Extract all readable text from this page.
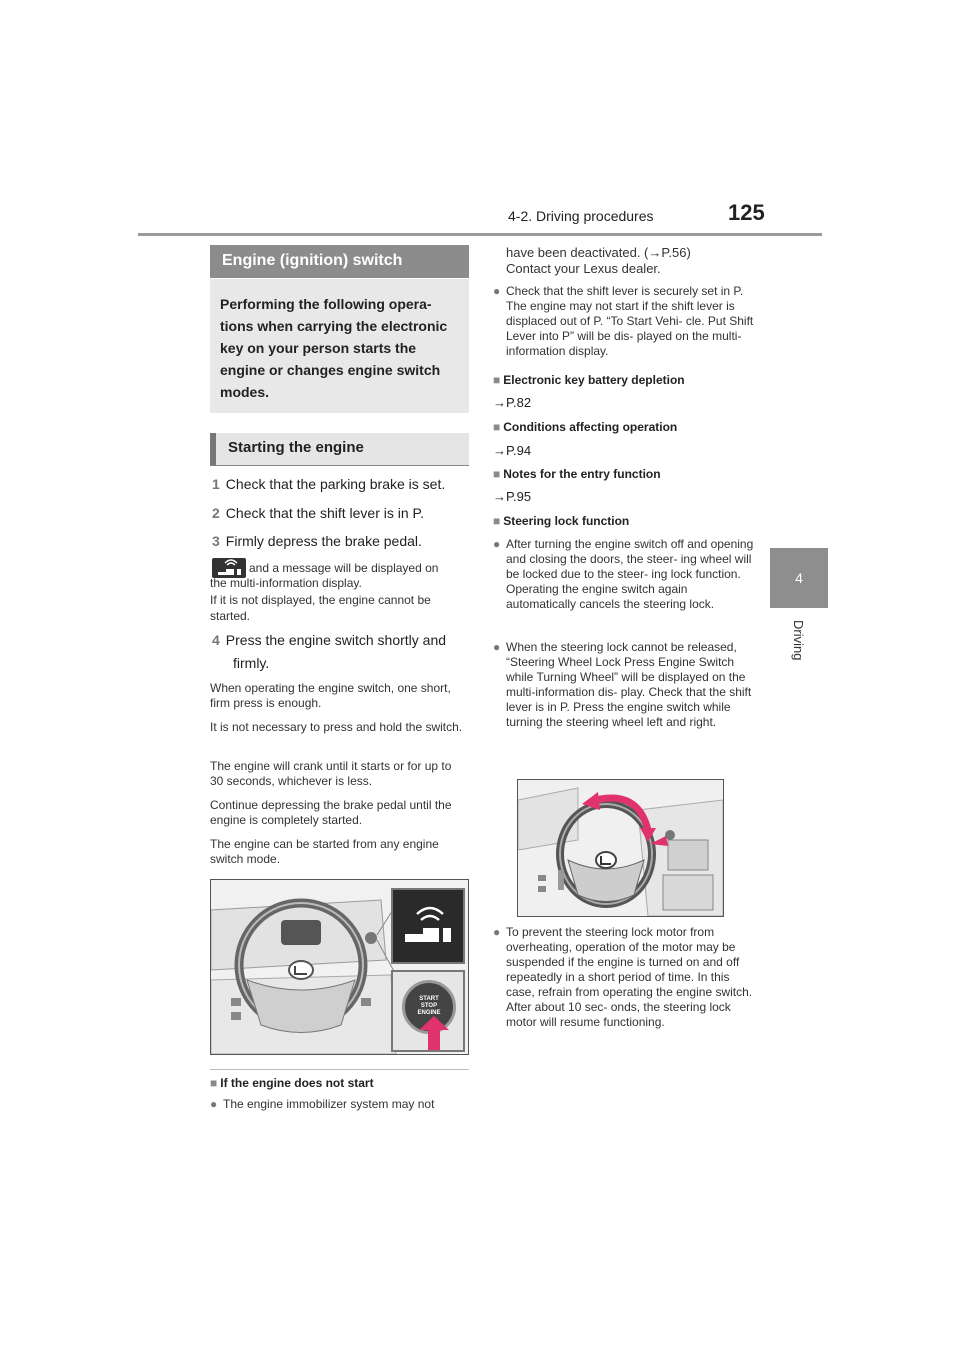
4-2. Driving procedures	125
4
Driving
Engine (ignition) switch
Performing the following opera- tions when carrying the electronic key on your person starts the engine or changes engine switch modes.
Starting the engine
1 Check that the parking brake is set.
2 Check that the shift lever is in P.
3 Firmly depress the brake pedal.
and a message will be displayed on
the multi-information display.
If it is not displayed, the engine cannot be
started.
4 Press the engine switch shortly and
firmly.
When operating the engine switch, one short, firm press is enough.
It is not necessary to press and hold the switch.
The engine will crank until it starts or for up to 30 seconds, whichever is less.
Continue depressing the brake pedal until the engine is completely started.
The engine can be started from any engine switch mode.
START
STOP
ENGINE
■ If the engine does not start
● The engine immobilizer system may not
have been deactivated. (→P.56)
Contact your Lexus dealer.
● Check that the shift lever is securely set in P. The engine may not start if the shift lever is displaced out of P. “To Start Vehi- cle. Put Shift Lever into P” will be dis- played on the multi-information display.
■ Electronic key battery depletion
→P.82
■ Conditions affecting operation
→P.94
■ Notes for the entry function
→P.95
■ Steering lock function
● After turning the engine switch off and opening and closing the doors, the steer- ing wheel will be locked due to the steer- ing lock function. Operating the engine switch again automatically cancels the steering lock.
● When the steering lock cannot be released, “Steering Wheel Lock Press Engine Switch while Turning Wheel” will be displayed on the multi-information dis- play. Check that the shift lever is in P. Press the engine switch while turning the steering wheel left and right.
● To prevent the steering lock motor from overheating, operation of the motor may be suspended if the engine is turned on and off repeatedly in a short period of time. In this case, refrain from operating the engine switch. After about 10 sec- onds, the steering lock motor will resume functioning.
